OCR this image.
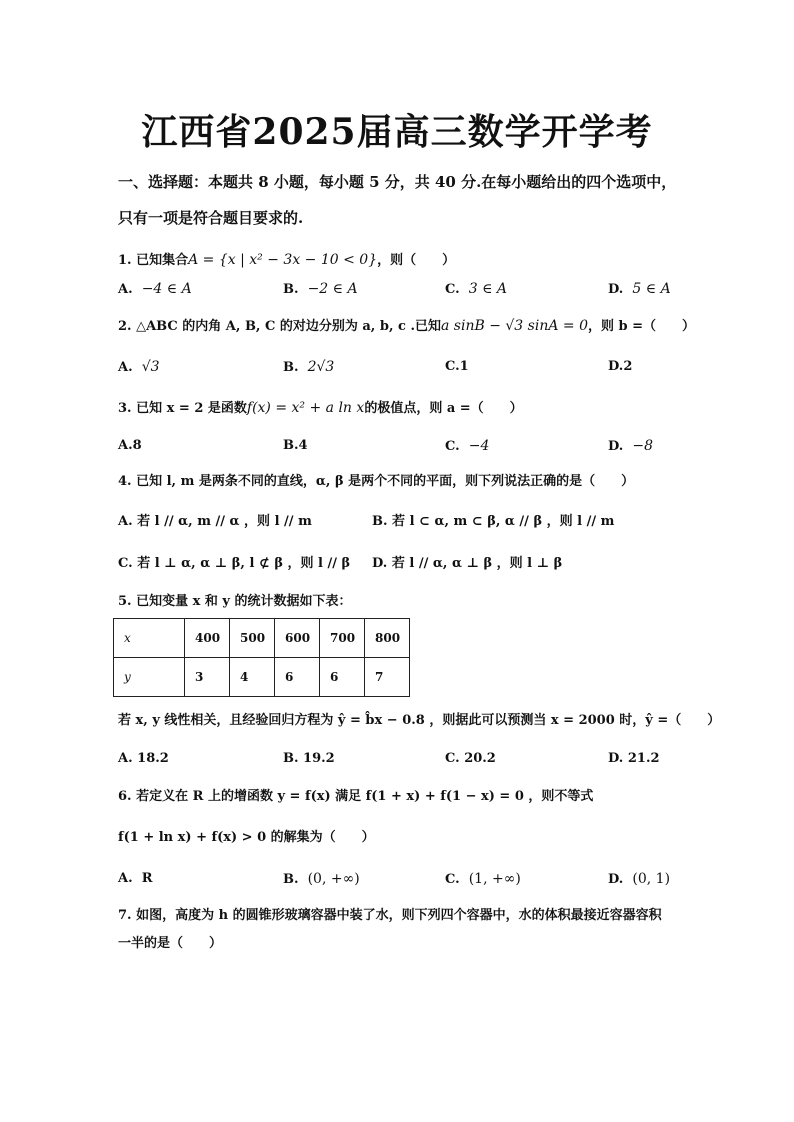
江西省2025届高三数学开学考
一、选择题：本题共 8 小题，每小题 5 分，共 40 分.在每小题给出的四个选项中，
只有一项是符合题目要求的.
1. 已知集合A = {x | x² − 3x − 10 < 0}，则（　　）
A. −4 ∈ A	B. −2 ∈ A	C. 3 ∈ A	D. 5 ∈ A
2. △ABC 的内角 A, B, C 的对边分别为 a, b, c .已知a sinB − √3 sinA = 0，则 b =（　　）
A. √3	B. 2√3	C.1	D.2
3. 已知 x = 2 是函数f(x) = x² + a ln x的极值点，则 a =（　　）
A.8	B.4	C. −4	D. −8
4. 已知 l, m 是两条不同的直线，α, β 是两个不同的平面，则下列说法正确的是（　　）
A. 若 l // α, m // α ，则 l // m	B. 若 l ⊂ α, m ⊂ β, α // β ，则 l // m
C. 若 l ⊥ α, α ⊥ β, l ⊄ β ，则 l // β D. 若 l // α, α ⊥ β ，则 l ⊥ β
5. 已知变量 x 和 y 的统计数据如下表：
x	400	500	600	700	800
y	3	4	6	6	7
若 x, y 线性相关，且经验回归方程为 ŷ = b̂x − 0.8 ，则据此可以预测当 x = 2000 时，ŷ =（　　）
A. 18.2	B. 19.2	C. 20.2	D. 21.2
6. 若定义在 R 上的增函数 y = f(x) 满足 f(1 + x) + f(1 − x) = 0 ，则不等式
f(1 + ln x) + f(x) > 0 的解集为（　　）
A. R	B. (0, +∞)	C. (1, +∞)	D. (0, 1)
7. 如图，高度为 h 的圆锥形玻璃容器中装了水，则下列四个容器中，水的体积最接近容器容积
一半的是（　　）
